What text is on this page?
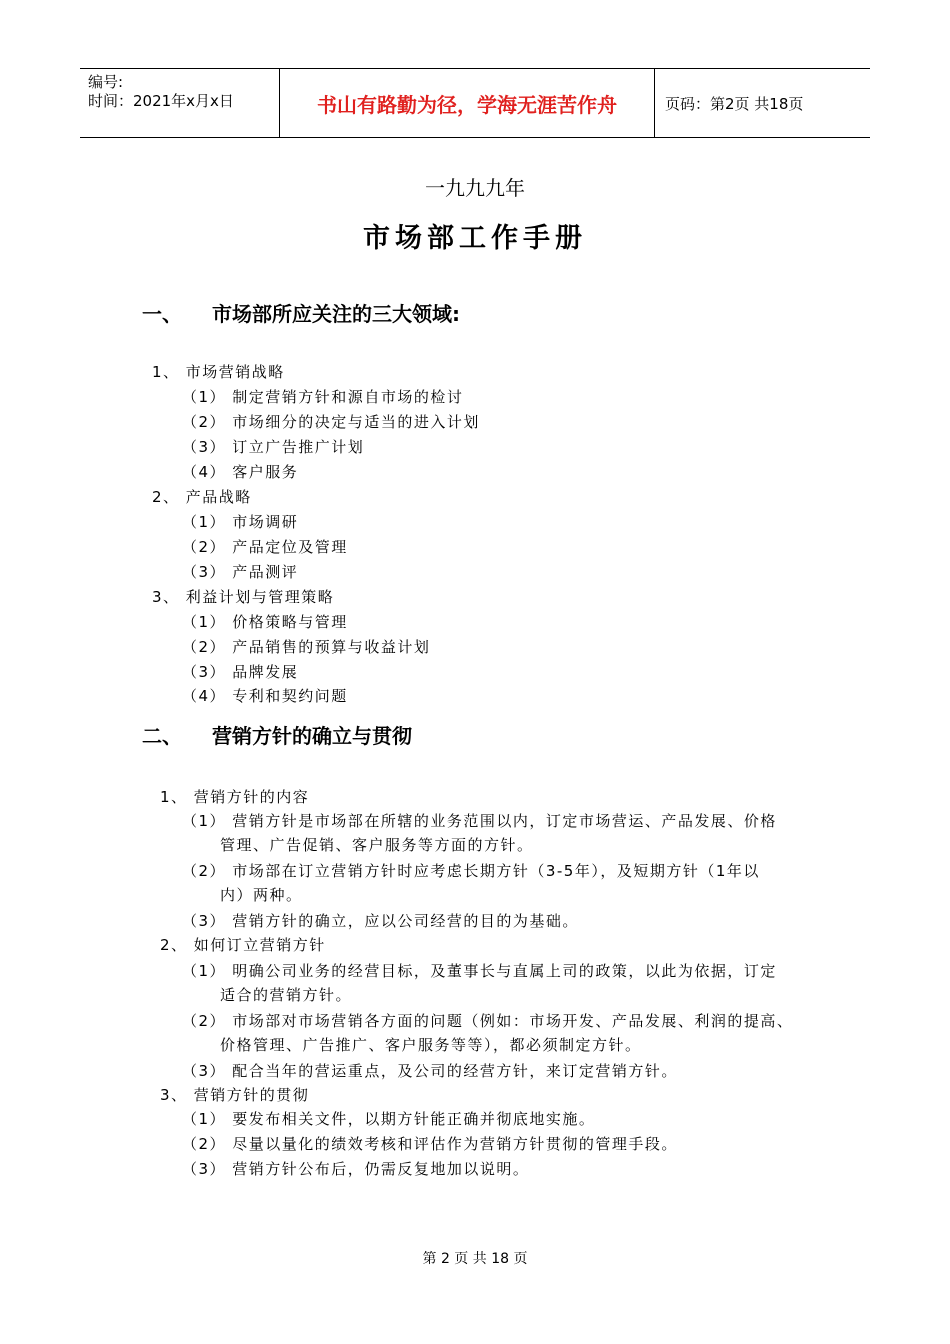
编号:
时间：2021年x月x日	书山有路勤为径，学海无涯苦作舟	页码：第2页 共18页
一九九九年
市场部工作手册
一、 市场部所应关注的三大领域:
1、 市场营销战略
（1） 制定营销方针和源自市场的检讨
（2） 市场细分的决定与适当的进入计划
（3） 订立广告推广计划
（4） 客户服务
2、 产品战略
（1） 市场调研
（2） 产品定位及管理
（3） 产品测评
3、 利益计划与管理策略
（1） 价格策略与管理
（2） 产品销售的预算与收益计划
（3） 品牌发展
（4） 专利和契约问题
二、 营销方针的确立与贯彻
1、 营销方针的内容
（1） 营销方针是市场部在所辖的业务范围以内，订定市场营运、产品发展、价格
管理、广告促销、客户服务等方面的方针。
（2） 市场部在订立营销方针时应考虑长期方针（3-5年），及短期方针（1年以
内）两种。
（3） 营销方针的确立，应以公司经营的目的为基础。
2、 如何订立营销方针
（1） 明确公司业务的经营目标，及董事长与直属上司的政策，以此为依据，订定
适合的营销方针。
（2） 市场部对市场营销各方面的问题（例如：市场开发、产品发展、利润的提高、
价格管理、广告推广、客户服务等等），都必须制定方针。
（3） 配合当年的营运重点，及公司的经营方针，来订定营销方针。
3、 营销方针的贯彻
（1） 要发布相关文件，以期方针能正确并彻底地实施。
（2） 尽量以量化的绩效考核和评估作为营销方针贯彻的管理手段。
（3） 营销方针公布后，仍需反复地加以说明。
第 2 页 共 18 页
